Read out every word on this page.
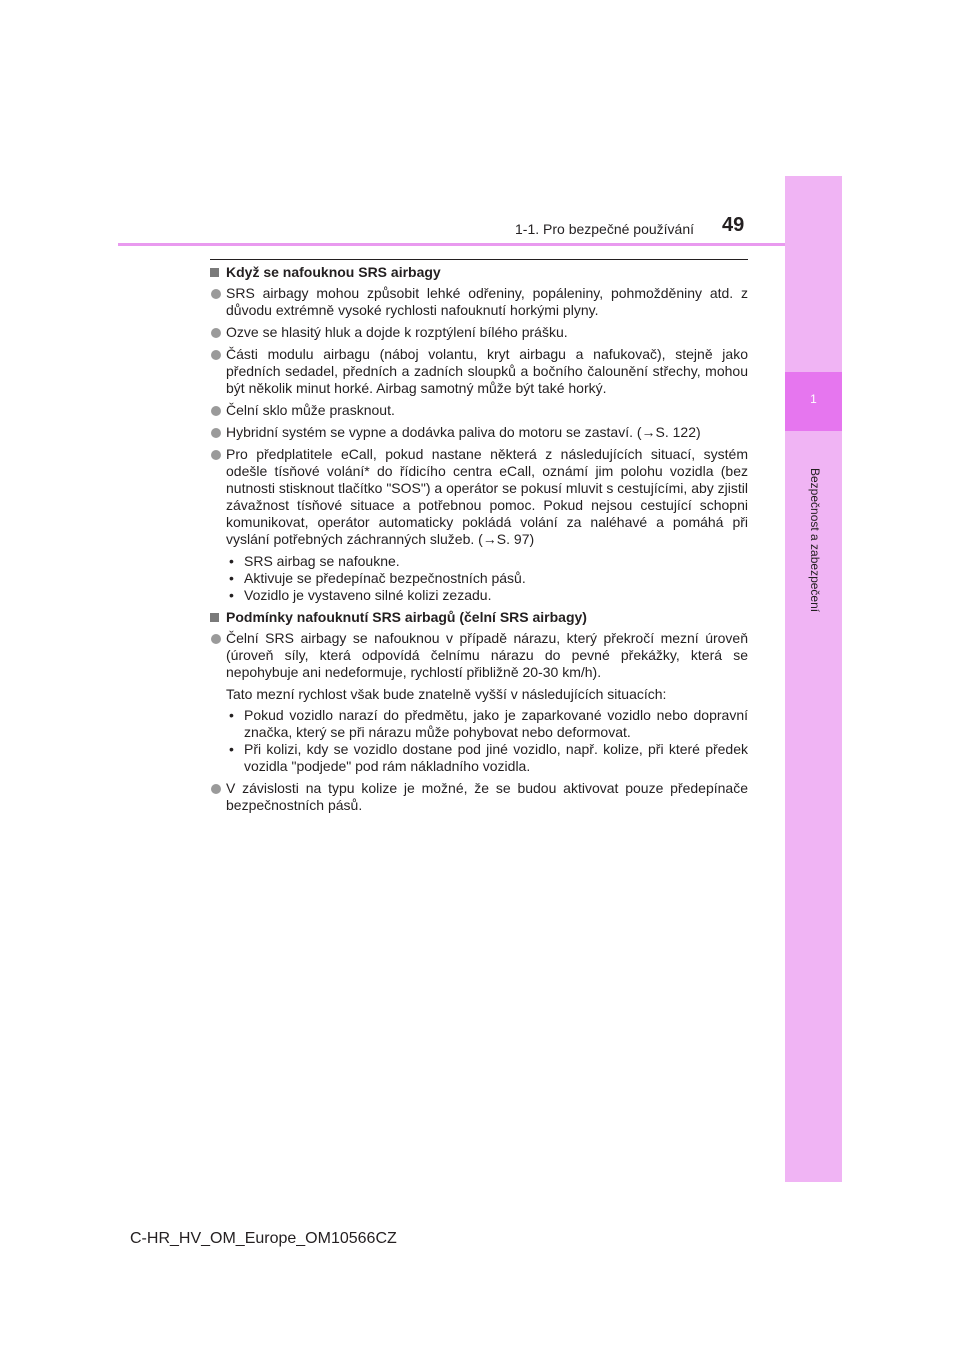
1
Bezpečnost a zabezpečení
1-1. Pro bezpečné používání 49
Když se nafouknou SRS airbagy
SRS airbagy mohou způsobit lehké odřeniny, popáleniny, pohmožděniny atd. z důvodu extrémně vysoké rychlosti nafouknutí horkými plyny.
Ozve se hlasitý hluk a dojde k rozptýlení bílého prášku.
Části modulu airbagu (náboj volantu, kryt airbagu a nafukovač), stejně jako předních sedadel, předních a zadních sloupků a bočního čalounění střechy, mohou být několik minut horké. Airbag samotný může být také horký.
Čelní sklo může prasknout.
Hybridní systém se vypne a dodávka paliva do motoru se zastaví. (→S. 122)
Pro předplatitele eCall, pokud nastane některá z následujících situací, systém odešle tísňové volání* do řídicího centra eCall, oznámí jim polohu vozidla (bez nutnosti stisknout tlačítko "SOS") a operátor se pokusí mluvit s cestujícími, aby zjistil závažnost tísňové situace a potřebnou pomoc. Pokud nejsou cestující schopni komunikovat, operátor automaticky pokládá volání za naléhavé a pomáhá při vyslání potřebných záchranných služeb. (→S. 97)
• SRS airbag se nafoukne.
• Aktivuje se předepínač bezpečnostních pásů.
• Vozidlo je vystaveno silné kolizi zezadu.
Podmínky nafouknutí SRS airbagů (čelní SRS airbagy)
Čelní SRS airbagy se nafouknou v případě nárazu, který překročí mezní úroveň (úroveň síly, která odpovídá čelnímu nárazu do pevné překážky, která se nepohybuje ani nedeformuje, rychlostí přibližně 20-30 km/h).
Tato mezní rychlost však bude znatelně vyšší v následujících situacích:
• Pokud vozidlo narazí do předmětu, jako je zaparkované vozidlo nebo dopravní značka, který se při nárazu může pohybovat nebo deformovat.
• Při kolizi, kdy se vozidlo dostane pod jiné vozidlo, např. kolize, při které předek vozidla "podjede" pod rám nákladního vozidla.
V závislosti na typu kolize je možné, že se budou aktivovat pouze předepínače bezpečnostních pásů.
C-HR_HV_OM_Europe_OM10566CZ
